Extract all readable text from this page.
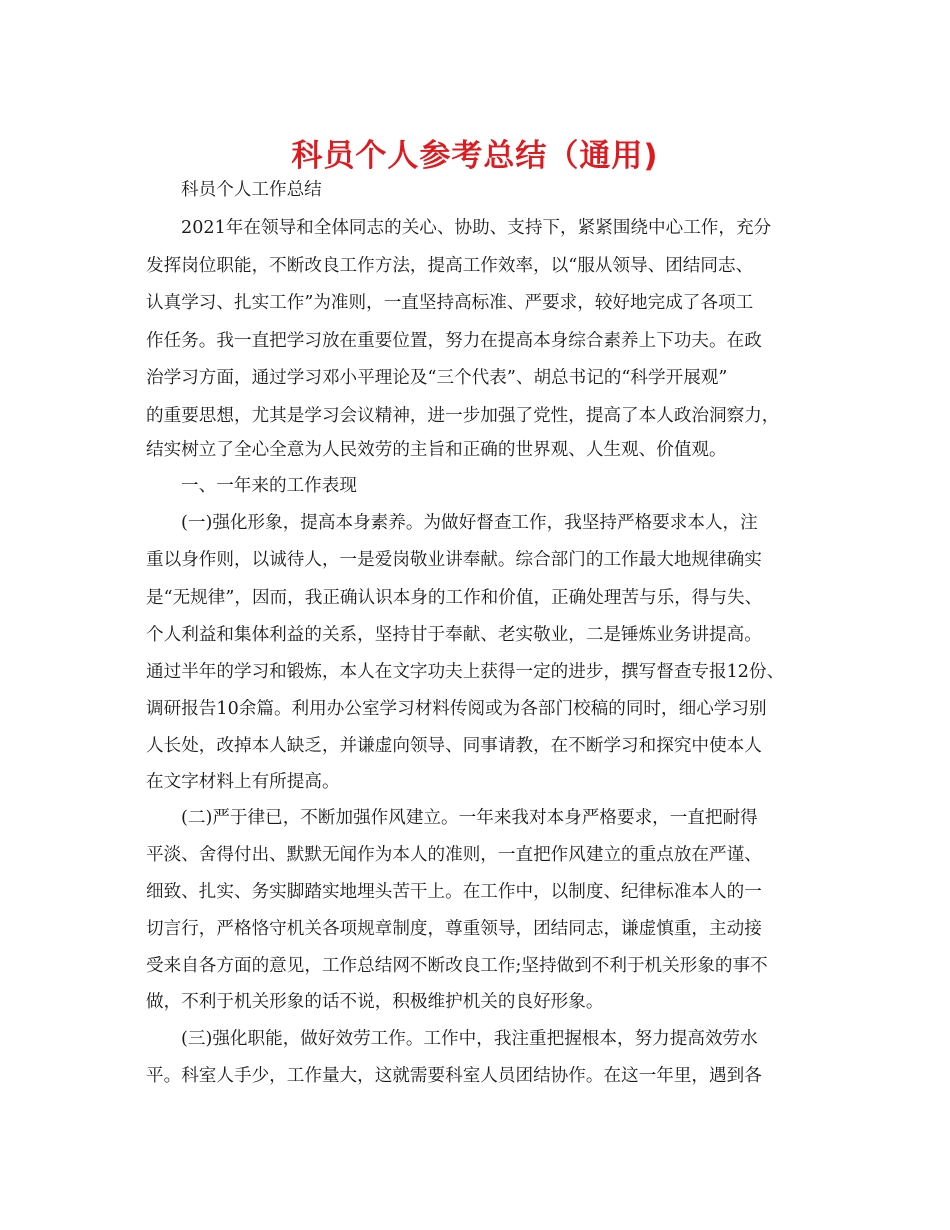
科员个人参考总结（通用)
科员个人工作总结
2021年在领导和全体同志的关心、协助、支持下，紧紧围绕中心工作，充分
发挥岗位职能，不断改良工作方法，提高工作效率，以“服从领导、团结同志、
认真学习、扎实工作”为准则，一直坚持高标准、严要求，较好地完成了各项工
作任务。我一直把学习放在重要位置，努力在提高本身综合素养上下功夫。在政
治学习方面，通过学习邓小平理论及“三个代表”、胡总书记的“科学开展观”
的重要思想，尤其是学习会议精神，进一步加强了党性，提高了本人政治洞察力，
结实树立了全心全意为人民效劳的主旨和正确的世界观、人生观、价值观。
一、一年来的工作表现
(一)强化形象，提高本身素养。为做好督查工作，我坚持严格要求本人，注
重以身作则，以诚待人，一是爱岗敬业讲奉献。综合部门的工作最大地规律确实
是“无规律”，因而，我正确认识本身的工作和价值，正确处理苦与乐，得与失、
个人利益和集体利益的关系，坚持甘于奉献、老实敬业，二是锤炼业务讲提高。
通过半年的学习和锻炼，本人在文字功夫上获得一定的进步，撰写督查专报12份、
调研报告10余篇。利用办公室学习材料传阅或为各部门校稿的同时，细心学习别
人长处，改掉本人缺乏，并谦虚向领导、同事请教，在不断学习和探究中使本人
在文字材料上有所提高。
(二)严于律已，不断加强作风建立。一年来我对本身严格要求，一直把耐得
平淡、舍得付出、默默无闻作为本人的准则，一直把作风建立的重点放在严谨、
细致、扎实、务实脚踏实地埋头苦干上。在工作中，以制度、纪律标准本人的一
切言行，严格恪守机关各项规章制度，尊重领导，团结同志，谦虚慎重，主动接
受来自各方面的意见，工作总结网不断改良工作;坚持做到不利于机关形象的事不
做，不利于机关形象的话不说，积极维护机关的良好形象。
(三)强化职能，做好效劳工作。工作中，我注重把握根本，努力提高效劳水
平。科室人手少，工作量大，这就需要科室人员团结协作。在这一年里，遇到各
